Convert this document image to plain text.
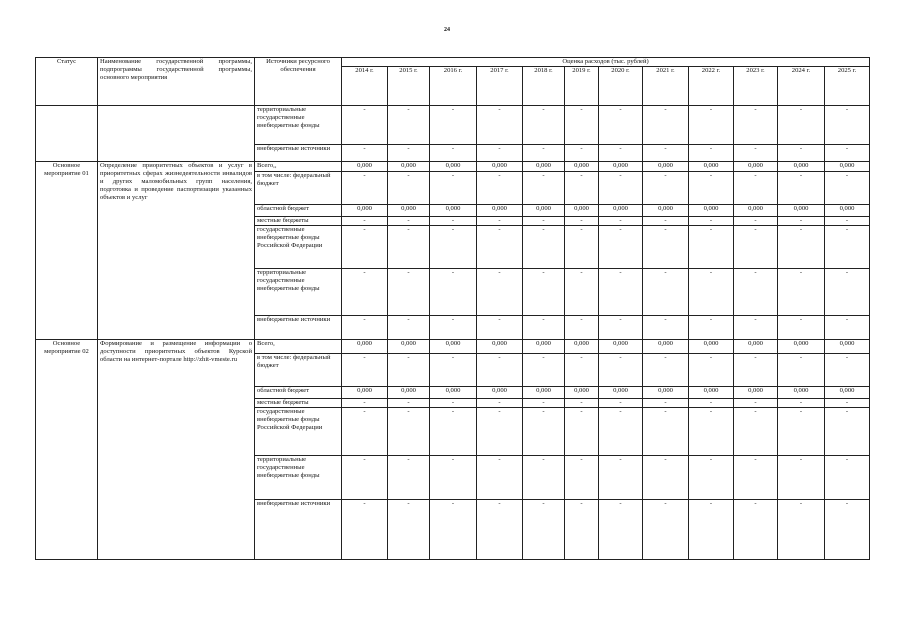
24
Статус	Наименование государственной программы, подпрограммы государственной программы, основного мероприятия	Источники ресурсного обеспечения	Оценка расходов (тыс. рублей)											
			2014 г.	2015 г.	2016 г.	2017 г.	2018 г.	2019 г.	2020 г.	2021 г.	2022 г.	2023 г.	2024 г.	2025 г.
		территориальные государственные внебюджетные фонды	-	-	-	-	-	-	-	-	-	-	-	-
		внебюджетные источники	-	-	-	-	-	-	-	-	-	-	-	-
Основное мероприятие 01	Определение приоритетных объектов и услуг в приоритетных сферах жизнедеятельности инвалидов и других маломобильных групп населения, подготовка и проведение паспортизации указанных объектов и услуг	Всего,,	0,000	0,000	0,000	0,000	0,000	0,000	0,000	0,000	0,000	0,000	0,000	0,000
		в том числе: федеральный бюджет	-	-	-	-	-	-	-	-	-	-	-	-
		областной бюджет	0,000	0,000	0,000	0,000	0,000	0,000	0,000	0,000	0,000	0,000	0,000	0,000
		местные бюджеты	-	-	-	-	-	-	-	-	-	-	-	-
		государственные внебюджетные фонды Российской Федерации	-	-	-	-	-	-	-	-	-	-	-	-
		территориальные государственные внебюджетные фонды	-	-	-	-	-	-	-	-	-	-	-	-
		внебюджетные источники	-	-	-	-	-	-	-	-	-	-	-	-
Основное мероприятие 02	Формирование и размещение информации о доступности приоритетных объектов Курской области на интернет-портале http://zhit-vmeste.ru	Всего,	0,000	0,000	0,000	0,000	0,000	0,000	0,000	0,000	0,000	0,000	0,000	0,000
		в том числе: федеральный бюджет	-	-	-	-	-	-	-	-	-	-	-	-
		областной бюджет	0,000	0,000	0,000	0,000	0,000	0,000	0,000	0,000	0,000	0,000	0,000	0,000
		местные бюджеты	-	-	-	-	-	-	-	-	-	-	-	-
		государственные внебюджетные фонды Российской Федерации	-	-	-	-	-	-	-	-	-	-	-	-
		территориальные государственные внебюджетные фонды	-	-	-	-	-	-	-	-	-	-	-	-
		внебюджетные источники	-	-	-	-	-	-	-	-	-	-	-	-
